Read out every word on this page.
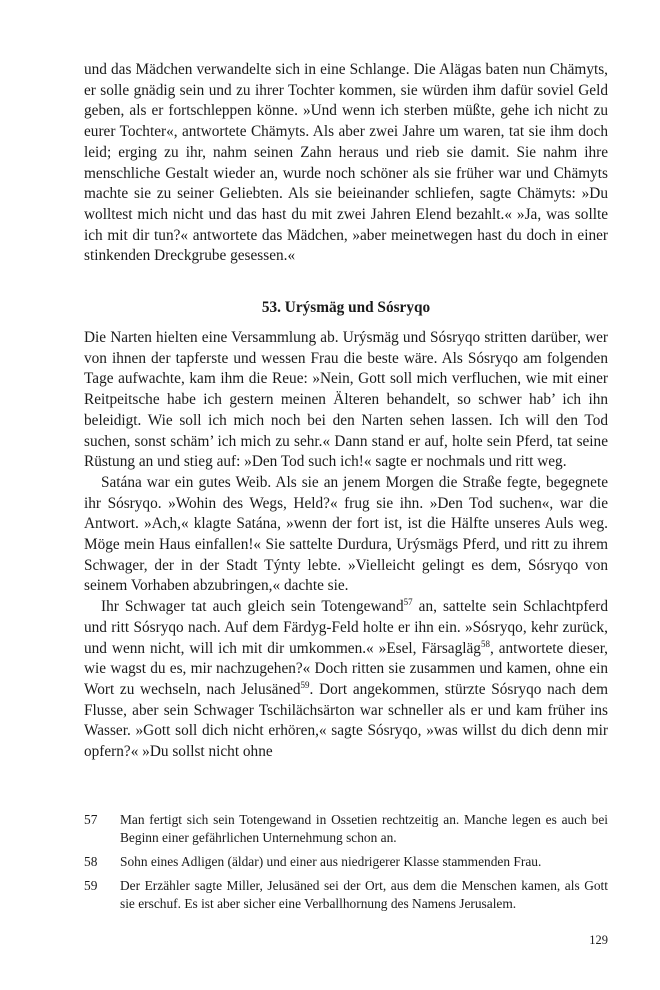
und das Mädchen verwandelte sich in eine Schlange. Die Alägas baten nun Chämyts, er solle gnädig sein und zu ihrer Tochter kommen, sie würden ihm dafür soviel Geld geben, als er fortschleppen könne. »Und wenn ich sterben müßte, gehe ich nicht zu eurer Tochter«, antwortete Chämyts. Als aber zwei Jahre um waren, tat sie ihm doch leid; erging zu ihr, nahm seinen Zahn heraus und rieb sie damit. Sie nahm ihre menschliche Gestalt wieder an, wurde noch schöner als sie früher war und Chämyts machte sie zu seiner Geliebten. Als sie beieinander schliefen, sagte Chämyts: »Du wolltest mich nicht und das hast du mit zwei Jahren Elend bezahlt.« »Ja, was sollte ich mit dir tun?« antwortete das Mädchen, »aber meinetwegen hast du doch in einer stinkenden Dreckgrube gesessen.«

53. Urýsmäg und Sósryqo

Die Narten hielten eine Versammlung ab. Urýsmäg und Sósryqo stritten darüber, wer von ihnen der tapferste und wessen Frau die beste wäre. Als Sósryqo am folgenden Tage aufwachte, kam ihm die Reue: »Nein, Gott soll mich verfluchen, wie mit einer Reitpeitsche habe ich gestern meinen Älteren behandelt, so schwer hab’ ich ihn beleidigt. Wie soll ich mich noch bei den Narten sehen lassen. Ich will den Tod suchen, sonst schäm’ ich mich zu sehr.« Dann stand er auf, holte sein Pferd, tat seine Rüstung an und stieg auf: »Den Tod such ich!« sagte er nochmals und ritt weg.

Satána war ein gutes Weib. Als sie an jenem Morgen die Straße fegte, begegnete ihr Sósryqo. »Wohin des Wegs, Held?« frug sie ihn. »Den Tod suchen«, war die Antwort. »Ach,« klagte Satána, »wenn der fort ist, ist die Hälfte unseres Auls weg. Möge mein Haus einfallen!« Sie sattelte Durdura, Urýsmägs Pferd, und ritt zu ihrem Schwager, der in der Stadt Týnty lebte. »Vielleicht gelingt es dem, Sósryqo von seinem Vorhaben abzubringen,« dachte sie.

Ihr Schwager tat auch gleich sein Totengewand$^{57}$ an, sattelte sein Schlachtpferd und ritt Sósryqo nach. Auf dem Färdyg-Feld holte er ihn ein. »Sósryqo, kehr zurück, und wenn nicht, will ich mit dir umkommen.« »Esel, Färsagläg$^{58}$, antwortete dieser, wie wagst du es, mir nachzugehen?« Doch ritten sie zusammen und kamen, ohne ein Wort zu wechseln, nach Jelusäned$^{59}$. Dort angekommen, stürzte Sósryqo nach dem Flusse, aber sein Schwager Tschilächsärton war schneller als er und kam früher ins Wasser. »Gott soll dich nicht erhören,« sagte Sósryqo, »was willst du dich denn mir opfern?« »Du sollst nicht ohne

57	Man fertigt sich sein Totengewand in Ossetien rechtzeitig an. Manche legen es auch bei Beginn einer gefährlichen Unternehmung schon an.
58	Sohn eines Adligen (äldar) und einer aus niedrigerer Klasse stammenden Frau.
59	Der Erzähler sagte Miller, Jelusäned sei der Ort, aus dem die Menschen kamen, als Gott sie erschuf. Es ist aber sicher eine Verballhornung des Namens Jerusalem.
129
